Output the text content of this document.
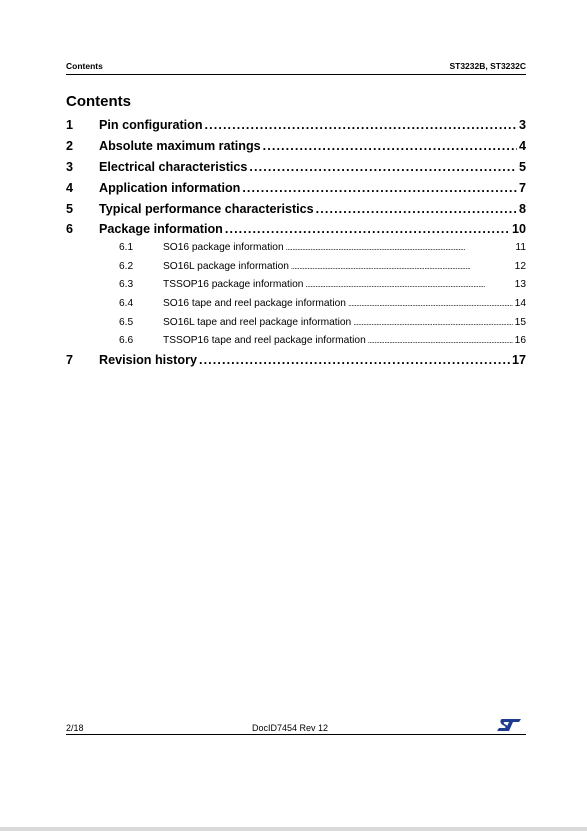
Contents	ST3232B, ST3232C
Contents
1	Pin configuration . . .	3
2	Absolute maximum ratings . . .	4
3	Electrical characteristics . . .	5
4	Application information . . .	7
5	Typical performance characteristics . . .	8
6	Package information . . .	10
6.1	SO16 package information . . .	11
6.2	SO16L package information . . .	12
6.3	TSSOP16 package information . . .	13
6.4	SO16 tape and reel package information . . .	14
6.5	SO16L tape and reel package information . . .	15
6.6	TSSOP16 tape and reel package information . . .	16
7	Revision history . . .	17
2/18	DocID7454 Rev 12
